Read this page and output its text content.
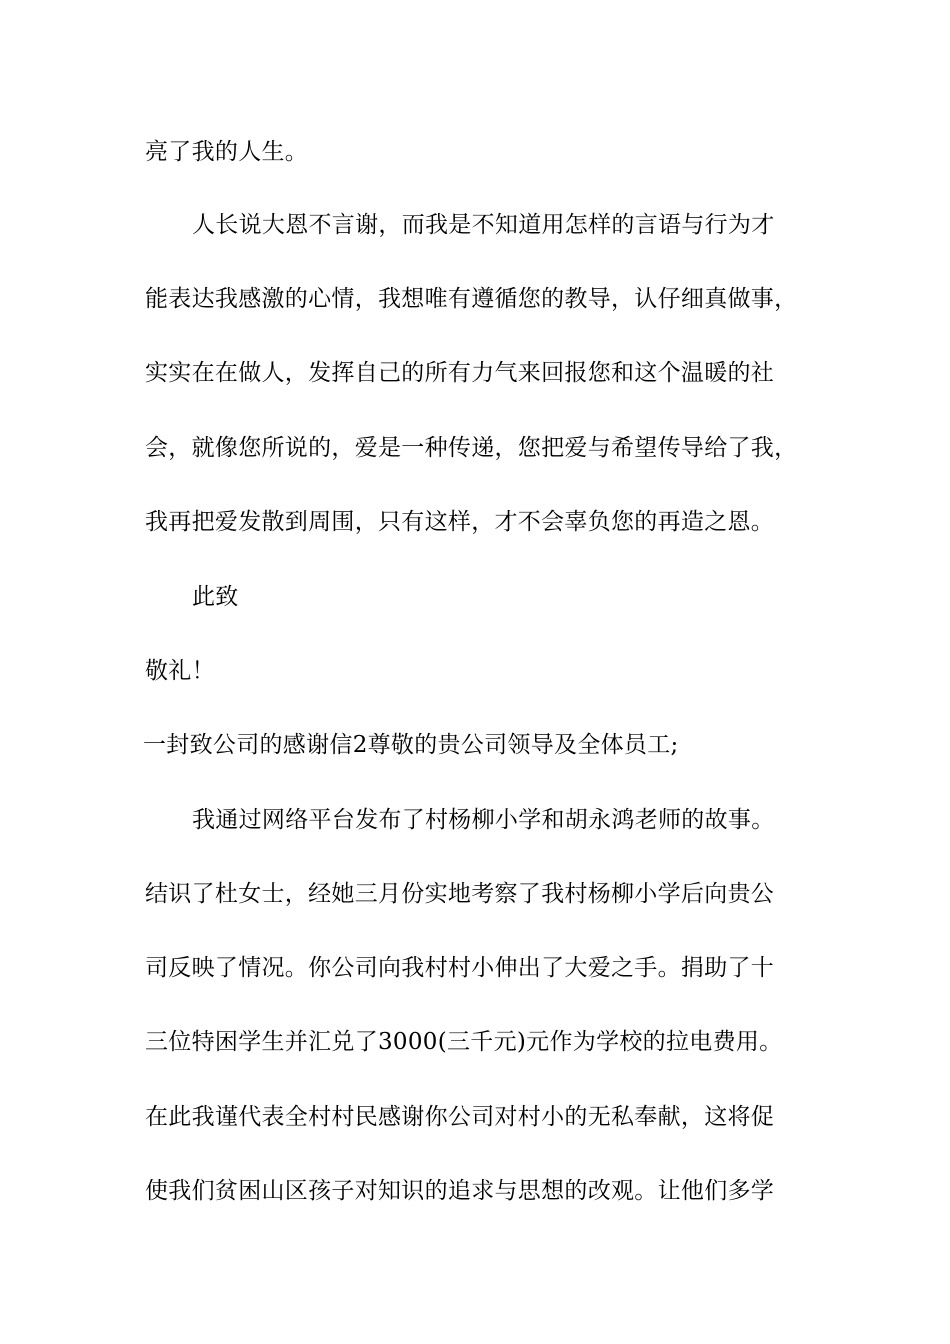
亮了我的人生。
人长说大恩不言谢，而我是不知道用怎样的言语与行为才
能表达我感激的心情，我想唯有遵循您的教导，认仔细真做事，
实实在在做人，发挥自己的所有力气来回报您和这个温暖的社
会，就像您所说的，爱是一种传递，您把爱与希望传导给了我，
我再把爱发散到周围，只有这样，才不会辜负您的再造之恩。
此致
敬礼！
一封致公司的感谢信2尊敬的贵公司领导及全体员工;
我通过网络平台发布了村杨柳小学和胡永鸿老师的故事。
结识了杜女士，经她三月份实地考察了我村杨柳小学后向贵公
司反映了情况。你公司向我村村小伸出了大爱之手。捐助了十
三位特困学生并汇兑了3000(三千元)元作为学校的拉电费用。
在此我谨代表全村村民感谢你公司对村小的无私奉献，这将促
使我们贫困山区孩子对知识的追求与思想的改观。让他们多学
